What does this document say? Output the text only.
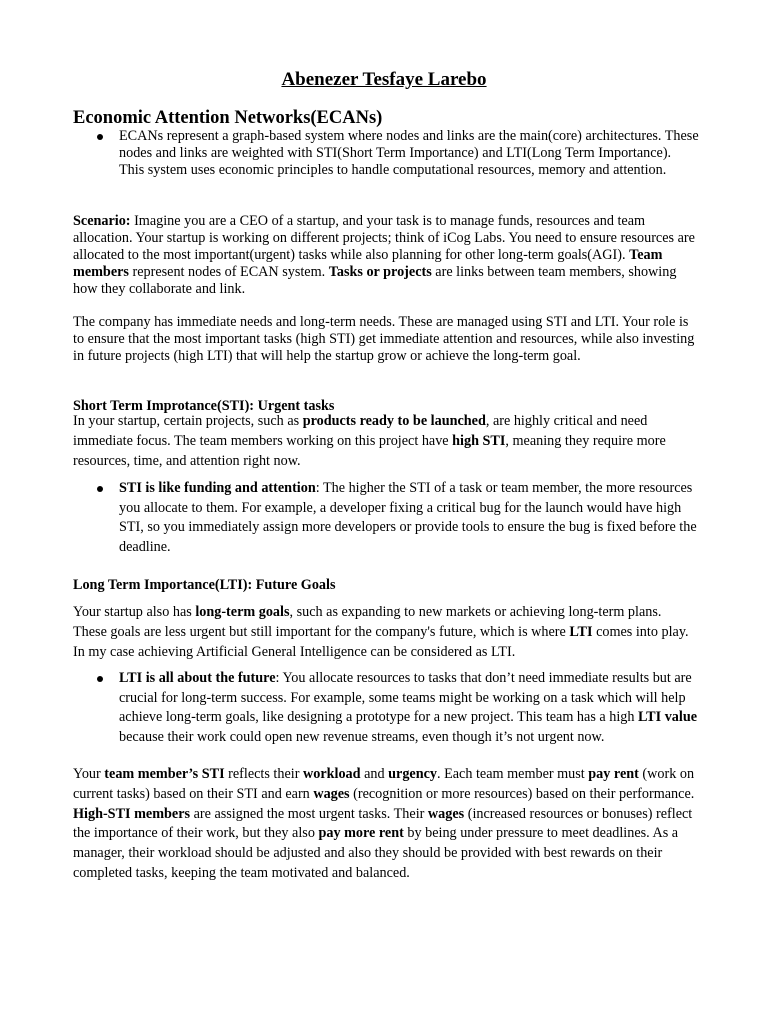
Abenezer Tesfaye Larebo
Economic Attention Networks(ECANs)
ECANs represent a graph-based system where nodes and links are the main(core) architectures. These nodes and links are weighted with STI(Short Term Importance) and LTI(Long Term Importance). This system uses economic principles to handle computational resources, memory and attention.

Scenario: Imagine you are a CEO of a startup, and your task is to manage funds, resources and team allocation. Your startup is working on different projects; think of iCog Labs. You need to ensure resources are allocated to the most important(urgent) tasks while also planning for other long-term goals(AGI). Team members represent nodes of ECAN system. Tasks or projects are links between team members, showing how they collaborate and link.

The company has immediate needs and long-term needs. These are managed using STI and LTI. Your role is to ensure that the most important tasks (high STI) get immediate attention and resources, while also investing in future projects (high LTI) that will help the startup grow or achieve the long-term goal.

Short Term Improtance(STI): Urgent tasks

In your startup, certain projects, such as products ready to be launched, are highly critical and need immediate focus. The team members working on this project have high STI, meaning they require more resources, time, and attention right now.

STI is like funding and attention: The higher the STI of a task or team member, the more resources you allocate to them. For example, a developer fixing a critical bug for the launch would have high STI, so you immediately assign more developers or provide tools to ensure the bug is fixed before the deadline.
Long Term Importance(LTI): Future Goals

Your startup also has long-term goals, such as expanding to new markets or achieving long-term plans. These goals are less urgent but still important for the company's future, which is where LTI comes into play. In my case achieving Artificial General Intelligence can be considered as LTI.

LTI is all about the future: You allocate resources to tasks that don’t need immediate results but are crucial for long-term success. For example, some teams might be working on a task which will help achieve long-term goals, like designing a prototype for a new project. This team has a high LTI value because their work could open new revenue streams, even though it’s not urgent now.

Your team member’s STI reflects their workload and urgency. Each team member must pay rent (work on current tasks) based on their STI and earn wages (recognition or more resources) based on their performance. High-STI members are assigned the most urgent tasks. Their wages (increased resources or bonuses) reflect the importance of their work, but they also pay more rent by being under pressure to meet deadlines. As a manager, their workload should be adjusted and also they should be provided with best rewards on their completed tasks, keeping the team motivated and balanced.
